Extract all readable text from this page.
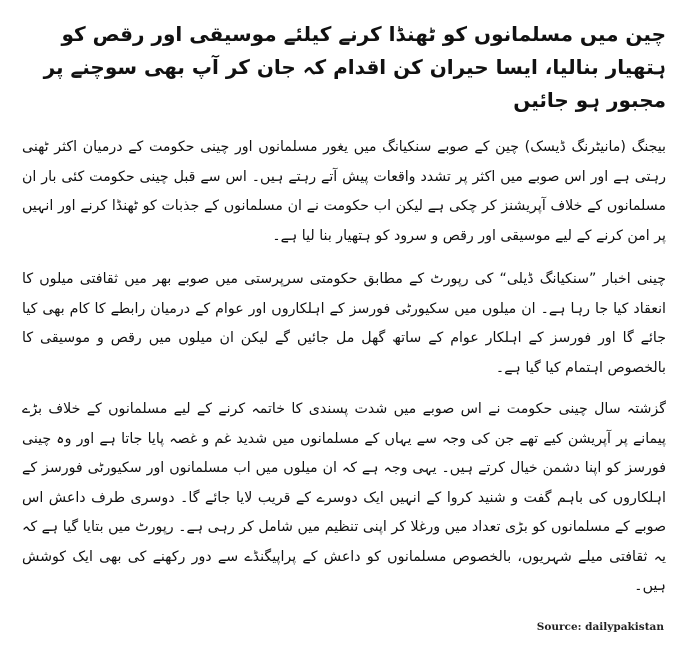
چین میں مسلمانوں کو ٹھنڈا کرنے کیلئے موسیقی اور رقص کو ہتھیار بنالیا، ایسا حیران کن اقدام کہ جان کر آپ بھی سوچنے پر مجبور ہو جائیں
بیجنگ (مانیٹرنگ ڈیسک) چین کے صوبے سنکیانگ میں یغور مسلمانوں اور چینی حکومت کے درمیان اکثر ٹھنی رہتی ہے اور اس صوبے میں اکثر پر تشدد واقعات پیش آتے رہتے ہیں۔ اس سے قبل چینی حکومت کئی بار ان مسلمانوں کے خلاف آپریشنز کر چکی ہے لیکن اب حکومت نے ان مسلمانوں کے جذبات کو ٹھنڈا کرنے اور انہیں پر امن کرنے کے لیے موسیقی اور رقص و سرود کو ہتھیار بنا لیا ہے۔
چینی اخبار ”سنکیانگ ڈیلی“ کی رپورٹ کے مطابق حکومتی سرپرستی میں صوبے بھر میں ثقافتی میلوں کا انعقاد کیا جا رہا ہے۔ ان میلوں میں سکیورٹی فورسز کے اہلکاروں اور عوام کے درمیان رابطے کا کام بھی کیا جائے گا اور فورسز کے اہلکار عوام کے ساتھ گھل مل جائیں گے لیکن ان میلوں میں رقص و موسیقی کا بالخصوص اہتمام کیا گیا ہے۔
گزشتہ سال چینی حکومت نے اس صوبے میں شدت پسندی کا خاتمہ کرنے کے لیے مسلمانوں کے خلاف بڑے پیمانے پر آپریشن کیے تھے جن کی وجہ سے یہاں کے مسلمانوں میں شدید غم و غصہ پایا جاتا ہے اور وہ چینی فورسز کو اپنا دشمن خیال کرتے ہیں۔ یہی وجہ ہے کہ ان میلوں میں اب مسلمانوں اور سکیورٹی فورسز کے اہلکاروں کی باہم گفت و شنید کروا کے انہیں ایک دوسرے کے قریب لایا جائے گا۔ دوسری طرف داعش اس صوبے کے مسلمانوں کو بڑی تعداد میں ورغلا کر اپنی تنظیم میں شامل کر رہی ہے۔ رپورٹ میں بتایا گیا ہے کہ یہ ثقافتی میلے شہریوں، بالخصوص مسلمانوں کو داعش کے پراپیگنڈے سے دور رکھنے کی بھی ایک کوشش ہیں۔
Source: dailypakistan
